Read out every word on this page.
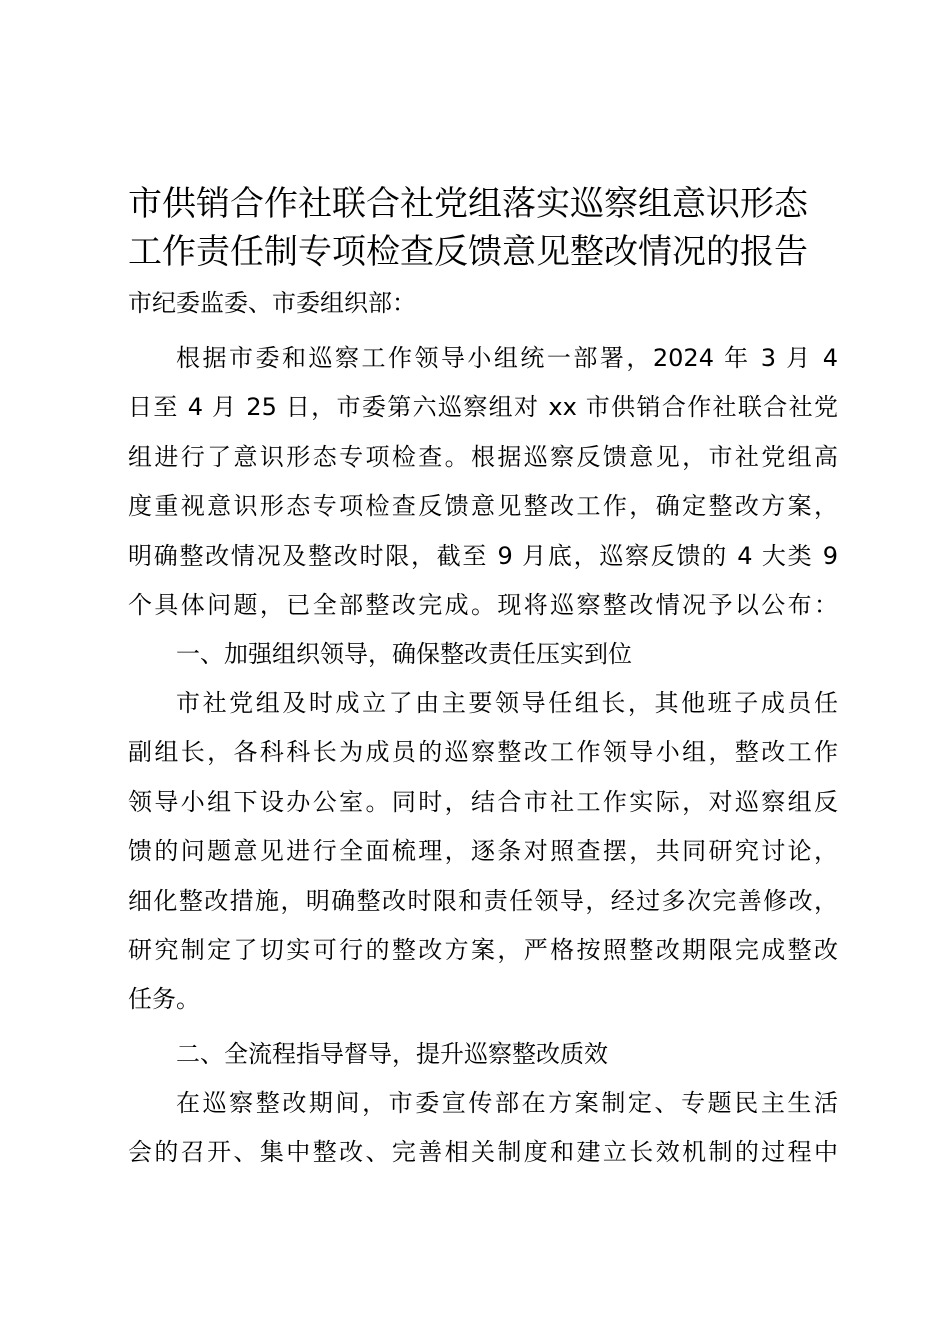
市供销合作社联合社党组落实巡察组意识形态
工作责任制专项检查反馈意见整改情况的报告

市纪委监委、市委组织部：

根据市委和巡察工作领导小组统一部署，2024 年 3 月 4
日至 4 月 25 日，市委第六巡察组对 xx 市供销合作社联合社党
组进行了意识形态专项检查。根据巡察反馈意见，市社党组高
度重视意识形态专项检查反馈意见整改工作，确定整改方案，
明确整改情况及整改时限，截至 9 月底，巡察反馈的 4 大类 9
个具体问题，已全部整改完成。现将巡察整改情况予以公布：
一、加强组织领导，确保整改责任压实到位
市社党组及时成立了由主要领导任组长，其他班子成员任
副组长，各科科长为成员的巡察整改工作领导小组，整改工作
领导小组下设办公室。同时，结合市社工作实际，对巡察组反
馈的问题意见进行全面梳理，逐条对照查摆，共同研究讨论，
细化整改措施，明确整改时限和责任领导，经过多次完善修改，
研究制定了切实可行的整改方案，严格按照整改期限完成整改
任务。
二、全流程指导督导，提升巡察整改质效
在巡察整改期间，市委宣传部在方案制定、专题民主生活
会的召开、集中整改、完善相关制度和建立长效机制的过程中
